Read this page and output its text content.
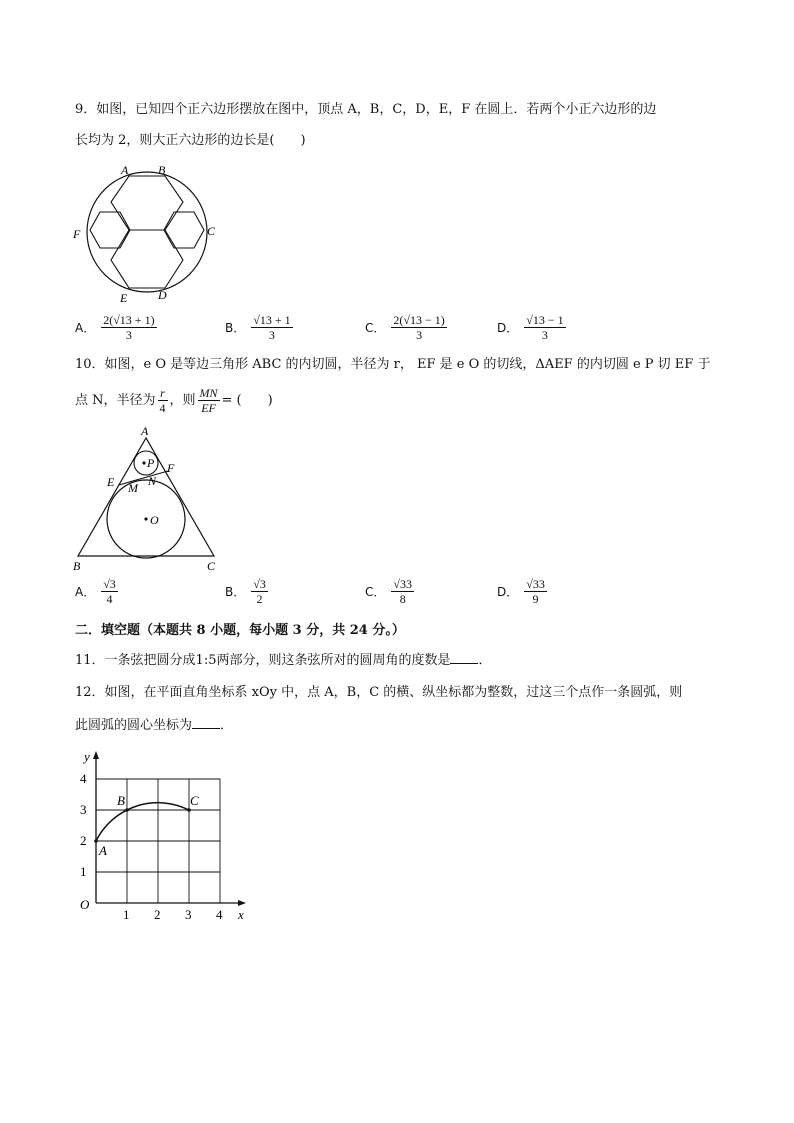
9．如图，已知四个正六边形摆放在图中，顶点 A，B，C，D，E，F 在圆上．若两个小正六边形的边
长均为 2，则大正六边形的边长是(　　)
A B
C
F
E	D
A． $\frac{2(√13 + 1)}{3}$	B． $\frac{√13 + 1}{3}$	C． $\frac{2(√13 - 1)}{3}$	D． $\frac{√13 - 1}{3}$
10．如图，e O 是等边三角形 ABC 的内切圆，半径为 r， EF 是 e O 的切线，ΔAEF 的内切圆 e P 切 EF 于
点 N，半径为 $\frac{r}{4}$ ，则 $\frac{MN}{EF}$ = (　　)
A
P F
N
E M
O
B	C
A． $\frac{√3}{4}$	B． $\frac{√3}{2}$	C． $\frac{√33}{8}$	D． $\frac{√33}{9}$
二．填空题（本题共 8 小题，每小题 3 分，共 24 分。）
11．一条弦把圆分成1:5两部分，则这条弦所对的圆周角的度数是 ．
12．如图，在平面直角坐标系 xOy 中，点 A，B，C 的横、纵坐标都为整数，过这三个点作一条圆弧，则
此圆弧的圆心坐标为 ．
x
y
O
1 2 3 4
1
2
3
4
A
B	C
